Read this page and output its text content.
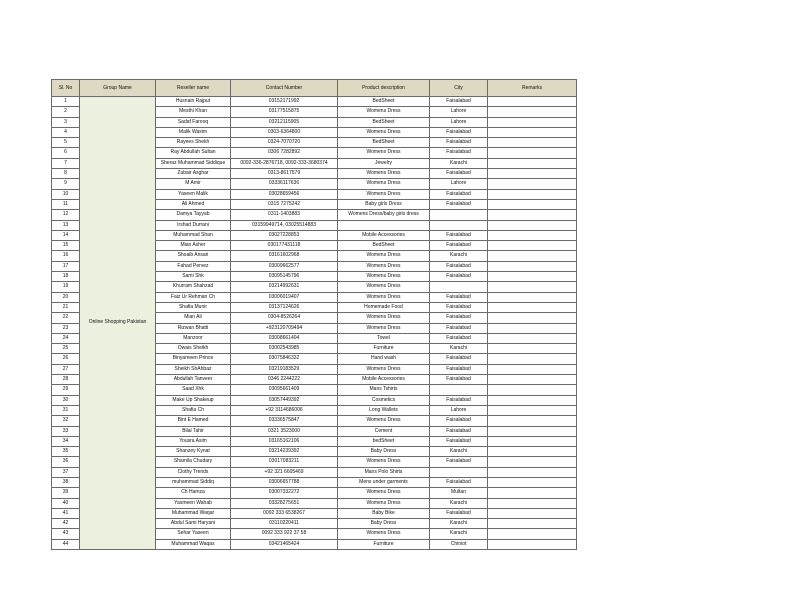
Sl. No	Group Name	Reseller name	Contact Number	Product description	City	Remarks
1	Online Shopping Pakistan	Husnain Rajput	03152171992	BedSheet	Faisalabad	
2		Mesthi Khan	03177515875	Womens Dress	Lahore	
3		Sadaf Farooq	03212115905	BedSheet	Lahore	
4		Malik Wasim	0303-6364800	Womens Dress	Faisalabad	
5		Rayees Shekh	0324-7070720	BedSheet	Faisalabad	
6		Ray Abdullah Sultan	0306 7282892	Womens Dress	Faisalabad	
7		Sheraz Muhammad Siddique	0092-336-2876718, 0092-333-3680374	Jewelry	Karachi	
8		Zubair Asghar	0313-8617579	Womens Dress	Faisalabad	
9		M Amir	03336117636	Womens Dress	Lahore	
10		Yaseen Malik	03028659456	Womens Dress	Faisalabad	
11		Ali Ahmed	0315 7275242	Baby girls Dress	Faisalabad	
12		Damya Tayyab	0311-1403883	Womens Dress/baby girls dress		
13		Irshad Durrani	03159949714, 03025514883			
14		Muhammad Shan	03027228853	Mobile Accessories	Faisalabad	
15		Mian Asher	030177431118	BedSheet	Faisalabad	
16		Shoaib Ansari	03161602968	Womens Dress	Karachi	
17		Fahad Pervez	03009662577	Womens Dress	Faisalabad	
18		Sami Shk	03095145796	Womens Dress	Faisalabad	
19		Khurram Shahzad	03214992631	Womens Dress		
20		Faiz Ur Rehman Ch	03006019407	Womens Dress	Faisalabad	
21		Shafia Munir	03137124626	Homemade Food	Faisalabad	
22		Mian Ali	0304-8526264	Womens Dress	Faisalabad	
23		Rizwan Bhatti	+923120709494	Womens Dress	Faisalabad	
24		Manzoor	03008661404	Towel	Faisalabad	
25		Owais Sheikh	03002543985	Furniture	Karachi	
26		Binyameen Prince	03075846332	Hand wash	Faisalabad	
27		Sheikh ShAhbaz	03219183529	Womens Dress	Faisalabad	
28		Abdullah Tanveer	0346 2244222	Mobile Accessories	Faisalabad	
29		Saad Xhk	03095661409	Mans Tshirts		
30		Make Up Shakeup	03057449392	Cosmetics	Faisalabad	
31		Shafia Ch	+92 3114686006	Long Wallets	Lahore	
32		Bint E Hamed	03336575847	Womens Dress	Faisalabad	
33		Bilal Tahir	0321 3523000	Cement	Faisalabad	
34		Yousra Asim	03165162106	bedSheet	Faisalabad	
35		Shanzey Kynat	03214239392	Baby Dress	Karachi	
36		Shamila Chudary	03017083211	Womens Dress	Faisalabad	
37		Clothy Trends	+92 321 6605469	Mans Polo Shirts		
38		muhammad Siddiq	03006657788	Mens under garments	Faisalabad	
39		Ch Hamza	03007332272	Womens Dress	Multan	
40		Yasmeen Wahab	03328275651	Womens Dress	Karachi	
41		Muhammad Waqar	0092 333 6538267	Baby Bike	Faisalabad	
42		Abdul Sami Haryani	03110220411	Baby Dress	Karachi	
43		Sehar Yaseen	0092 333 922 37 58	Womens Dress	Karachi	
44		Muhammad Waqas	03421465424	Furniture	Chiniot	
